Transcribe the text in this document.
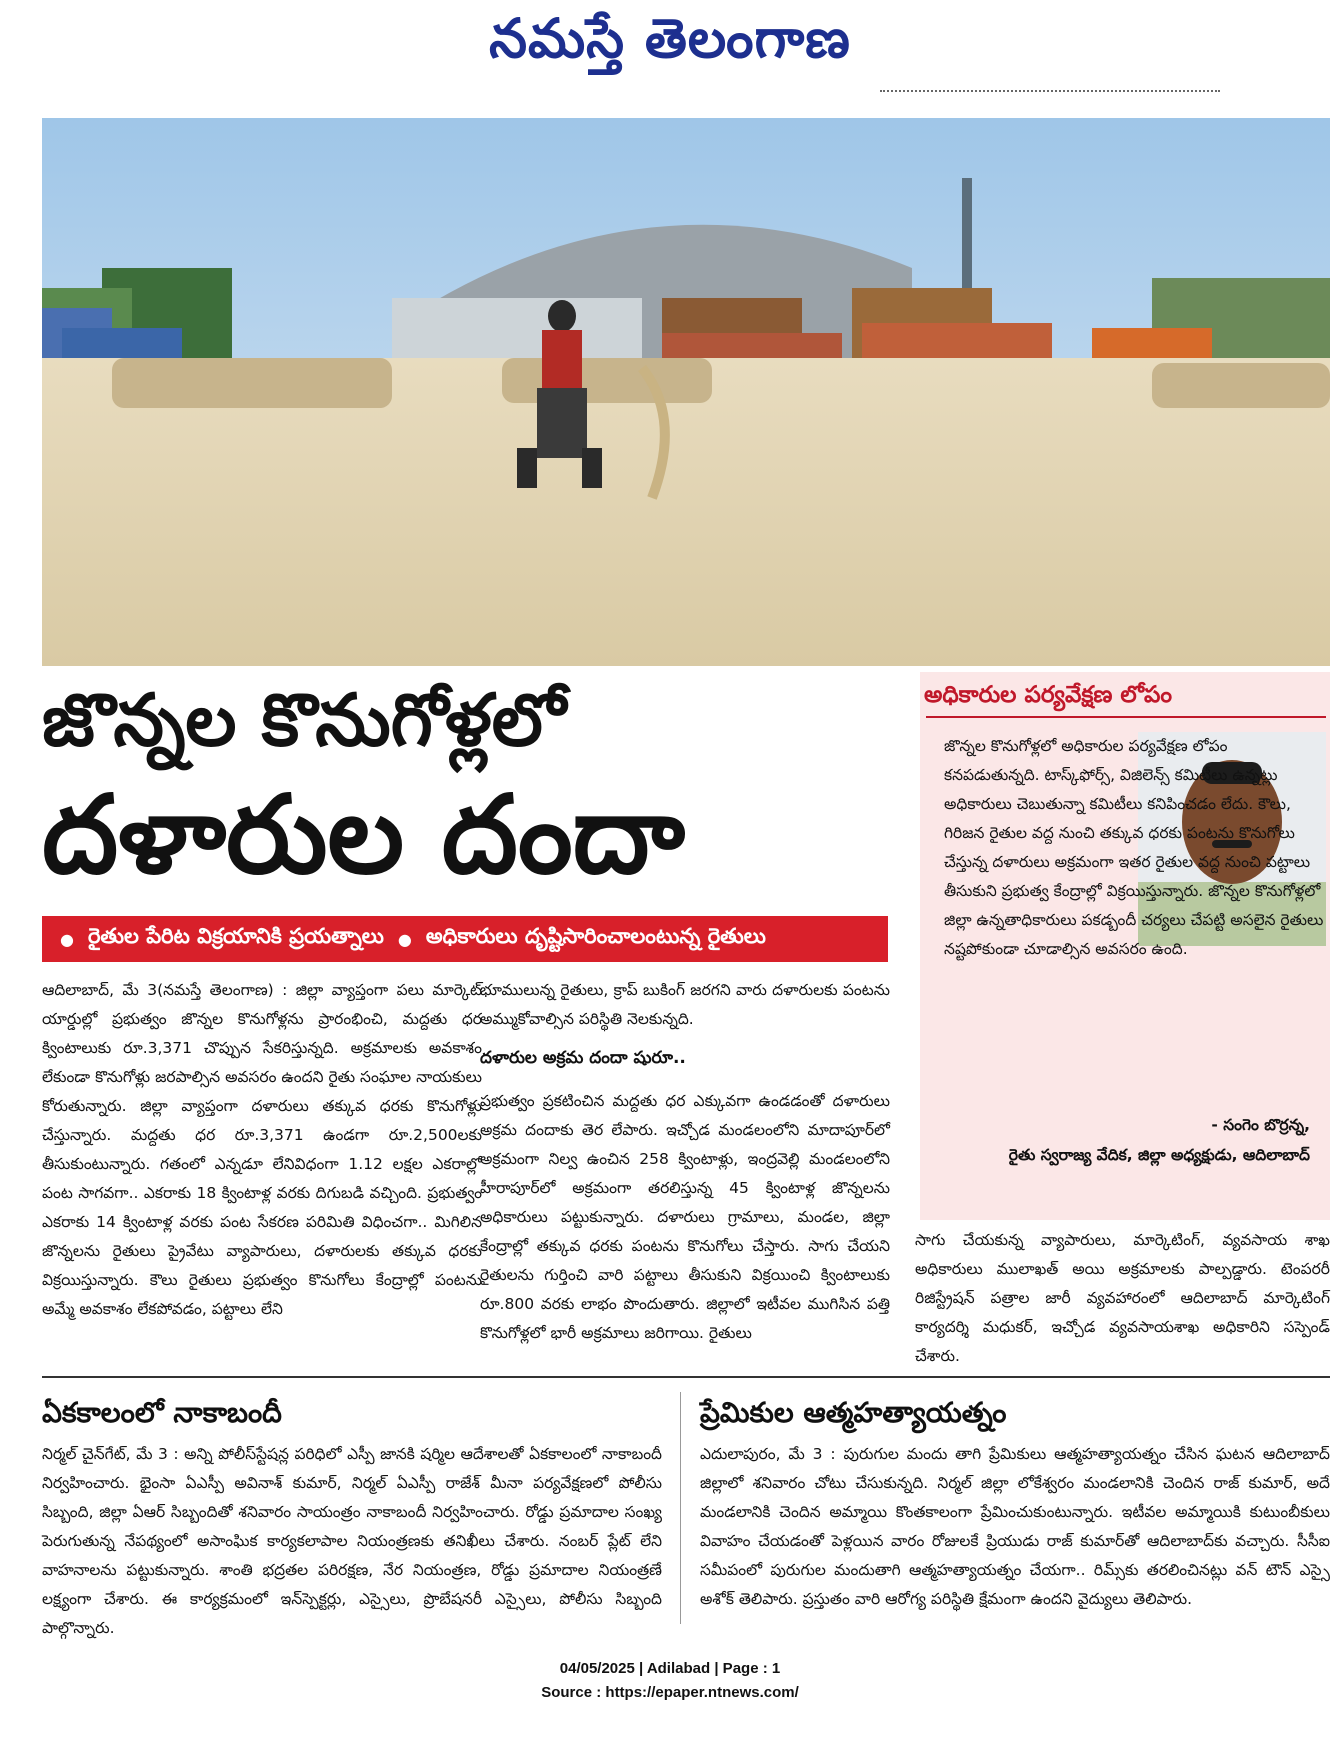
నమస్తే తెలంగాణ
జొన్నల కొనుగోళ్లలో
దళారుల దందా
● రైతుల పేరిట విక్రయానికి ప్రయత్నాలు ● అధికారులు దృష్టిసారించాలంటున్న రైతులు
ఆదిలాబాద్, మే 3(నమస్తే తెలంగాణ) : జిల్లా వ్యాప్తంగా పలు మార్కెట్ యార్డుల్లో ప్రభుత్వం జొన్నల కొనుగోళ్లను ప్రారంభించి, మద్దతు ధర క్వింటాలుకు రూ.3,371 చొప్పున సేకరిస్తున్నది. అక్రమాలకు అవకాశం లేకుండా కొనుగోళ్లు జరపాల్సిన అవసరం ఉందని రైతు సంఘాల నాయకులు కోరుతున్నారు. జిల్లా వ్యాప్తంగా దళారులు తక్కువ ధరకు కొనుగోళ్లు చేస్తున్నారు. మద్దతు ధర రూ.3,371 ఉండగా రూ.2,500లకు తీసుకుంటున్నారు. గతంలో ఎన్నడూ లేనివిధంగా 1.12 లక్షల ఎకరాల్లో పంట సాగవగా.. ఎకరాకు 18 క్వింటాళ్ల వరకు దిగుబడి వచ్చింది. ప్రభుత్వం ఎకరాకు 14 క్వింటాళ్ల వరకు పంట సేకరణ పరిమితి విధించగా.. మిగిలిన జొన్నలను రైతులు ప్రైవేటు వ్యాపారులు, దళారులకు తక్కువ ధరకు విక్రయిస్తున్నారు. కౌలు రైతులు ప్రభుత్వం కొనుగోలు కేంద్రాల్లో పంటను అమ్మే అవకాశం లేకపోవడం, పట్టాలు లేని
భూములున్న రైతులు, క్రాప్ బుకింగ్ జరగని వారు దళారులకు పంటను అమ్ముకోవాల్సిన పరిస్థితి నెలకున్నది.
దళారుల అక్రమ దందా షురూ..
ప్రభుత్వం ప్రకటించిన మద్దతు ధర ఎక్కువగా ఉండడంతో దళారులు అక్రమ దందాకు తెర లేపారు. ఇచ్చోడ మండలంలోని మాదాపూర్‌లో అక్రమంగా నిల్వ ఉంచిన 258 క్వింటాళ్లు, ఇంద్రవెల్లి మండలంలోని హీరాపూర్‌లో అక్రమంగా తరలిస్తున్న 45 క్వింటాళ్ల జొన్నలను అధికారులు పట్టుకున్నారు. దళారులు గ్రామాలు, మండల, జిల్లా కేంద్రాల్లో తక్కువ ధరకు పంటను కొనుగోలు చేస్తారు. సాగు చేయని రైతులను గుర్తించి వారి పట్టాలు తీసుకుని విక్రయించి క్వింటాలుకు రూ.800 వరకు లాభం పొందుతారు. జిల్లాలో ఇటీవల ముగిసిన పత్తి కొనుగోళ్లలో భారీ అక్రమాలు జరిగాయి. రైతులు
అధికారుల పర్యవేక్షణ లోపం
జొన్నల కొనుగోళ్లలో అధికారుల పర్యవేక్షణ లోపం కనపడుతున్నది. టాస్క్‌ఫోర్స్, విజిలెన్స్ కమిటీలు ఉన్నట్లు అధికారులు చెబుతున్నా కమిటీలు కనిపించడం లేదు. కౌలు, గిరిజన రైతుల వద్ద నుంచి తక్కువ ధరకు పంటను కొనుగోలు చేస్తున్న దళారులు అక్రమంగా ఇతర రైతుల వద్ద నుంచి పట్టాలు తీసుకుని ప్రభుత్వ కేంద్రాల్లో విక్రయిస్తున్నారు. జొన్నల కొనుగోళ్లలో జిల్లా ఉన్నతాధికారులు పకడ్బందీ చర్యలు చేపట్టి అసలైన రైతులు నష్టపోకుండా చూడాల్సిన అవసరం ఉంది.
- సంగెం బొర్రన్న,
రైతు స్వరాజ్య వేదిక, జిల్లా అధ్యక్షుడు, ఆదిలాబాద్
సాగు చేయకున్న వ్యాపారులు, మార్కెటింగ్, వ్యవసాయ శాఖ అధికారులు ములాఖత్ అయి అక్రమాలకు పాల్పడ్డారు. టెంపరరీ రిజిస్ట్రేషన్ పత్రాల జారీ వ్యవహారంలో ఆదిలాబాద్ మార్కెటింగ్ కార్యదర్శి మధుకర్, ఇచ్చోడ వ్యవసాయశాఖ అధికారిని సస్పెండ్ చేశారు.
ఏకకాలంలో నాకాబందీ
నిర్మల్ చైన్‌గేట్, మే 3 : అన్ని పోలీస్‌స్టేషన్ల పరిధిలో ఎస్పీ జానకి షర్మిల ఆదేశాలతో ఏకకాలంలో నాకాబందీ నిర్వహించారు. భైంసా ఏఎస్పీ అవినాశ్ కుమార్, నిర్మల్ ఏఎస్పీ రాజేశ్ మీనా పర్యవేక్షణలో పోలీసు సిబ్బంది, జిల్లా ఏఆర్ సిబ్బందితో శనివారం సాయంత్రం నాకాబందీ నిర్వహించారు. రోడ్డు ప్రమాదాల సంఖ్య పెరుగుతున్న నేపథ్యంలో అసాంఘిక కార్యకలాపాల నియంత్రణకు తనిఖీలు చేశారు. నంబర్ ప్లేట్ లేని వాహనాలను పట్టుకున్నారు. శాంతి భద్రతల పరిరక్షణ, నేర నియంత్రణ, రోడ్డు ప్రమాదాల నియంత్రణే లక్ష్యంగా చేశారు. ఈ కార్యక్రమంలో ఇన్‌స్పెక్టర్లు, ఎస్సైలు, ప్రొబేషనరీ ఎస్సైలు, పోలీసు సిబ్బంది పాల్గొన్నారు.
ప్రేమికుల ఆత్మహత్యాయత్నం
ఎదులాపురం, మే 3 : పురుగుల మందు తాగి ప్రేమికులు ఆత్మహత్యాయత్నం చేసిన ఘటన ఆదిలాబాద్ జిల్లాలో శనివారం చోటు చేసుకున్నది. నిర్మల్ జిల్లా లోకేశ్వరం మండలానికి చెందిన రాజ్ కుమార్, అదే మండలానికి చెందిన అమ్మాయి కొంతకాలంగా ప్రేమించుకుంటున్నారు. ఇటీవల అమ్మాయికి కుటుంబీకులు వివాహం చేయడంతో పెళ్లయిన వారం రోజులకే ప్రియుడు రాజ్ కుమార్‌తో ఆదిలాబాద్‌కు వచ్చారు. సీసీఐ సమీపంలో పురుగుల మందుతాగి ఆత్మహత్యాయత్నం చేయగా.. రిమ్స్‌కు తరలించినట్లు వన్ టౌన్ ఎస్సై అశోక్ తెలిపారు. ప్రస్తుతం వారి ఆరోగ్య పరిస్థితి క్షేమంగా ఉందని వైద్యులు తెలిపారు.
04/05/2025 | Adilabad | Page : 1
Source : https://epaper.ntnews.com/
